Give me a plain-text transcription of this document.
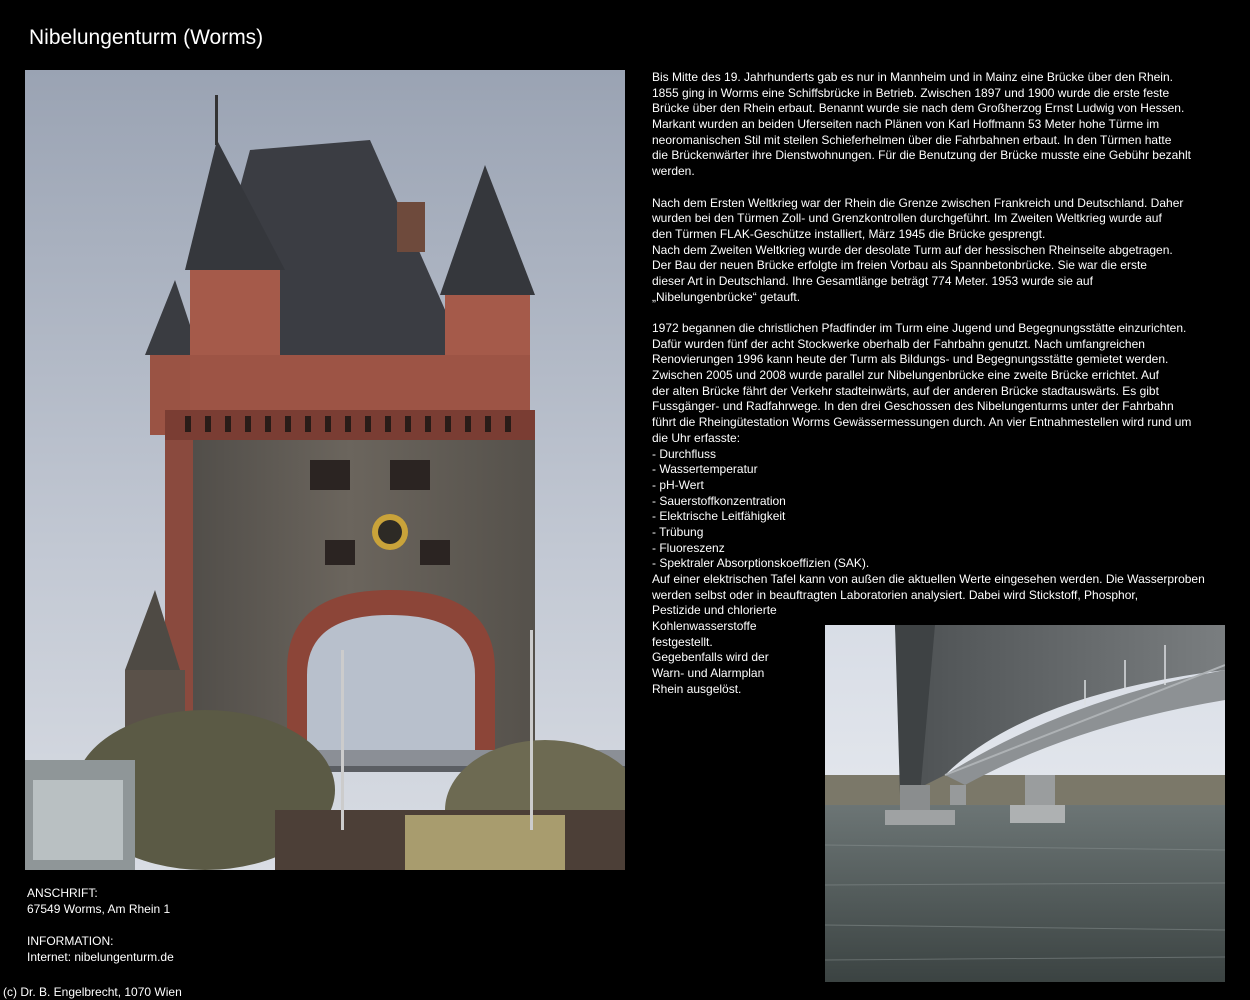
Nibelungenturm (Worms)
Bis Mitte des 19. Jahrhunderts gab es nur in Mannheim und in Mainz eine Brücke über den Rhein.
1855 ging in Worms eine Schiffsbrücke in Betrieb. Zwischen 1897 und 1900 wurde die erste feste
Brücke über den Rhein erbaut. Benannt wurde sie nach dem Großherzog Ernst Ludwig von Hessen.
Markant wurden an beiden Uferseiten nach Plänen von Karl Hoffmann 53 Meter hohe Türme im
neoromanischen Stil mit steilen Schieferhelmen über die Fahrbahnen erbaut. In den Türmen hatte
die Brückenwärter ihre Dienstwohnungen. Für die Benutzung der Brücke musste eine Gebühr bezahlt
werden.
Nach dem Ersten Weltkrieg war der Rhein die Grenze zwischen Frankreich und Deutschland. Daher
wurden bei den Türmen Zoll- und Grenzkontrollen durchgeführt. Im Zweiten Weltkrieg wurde auf
den Türmen FLAK-Geschütze installiert, März 1945 die Brücke gesprengt.
Nach dem Zweiten Weltkrieg wurde der desolate Turm auf der hessischen Rheinseite abgetragen.
Der Bau der neuen Brücke erfolgte im freien Vorbau als Spannbetonbrücke. Sie war die erste
dieser Art in Deutschland. Ihre Gesamtlänge beträgt 774 Meter. 1953 wurde sie auf
„Nibelungenbrücke“ getauft.
1972 begannen die christlichen Pfadfinder im Turm eine Jugend und Begegnungsstätte einzurichten.
Dafür wurden fünf der acht Stockwerke oberhalb der Fahrbahn genutzt. Nach umfangreichen
Renovierungen 1996 kann heute der Turm als Bildungs- und Begegnungsstätte gemietet werden.
Zwischen 2005 und 2008 wurde parallel zur Nibelungenbrücke eine zweite Brücke errichtet. Auf
der alten Brücke fährt der Verkehr stadteinwärts, auf der anderen Brücke stadtauswärts. Es gibt
Fussgänger- und Radfahrwege. In den drei Geschossen des Nibelungenturms unter der Fahrbahn
führt die Rheingütestation Worms Gewässermessungen durch. An vier Entnahmestellen wird rund um
die Uhr erfasste:
- Durchfluss
- Wassertemperatur
- pH-Wert
- Sauerstoffkonzentration
- Elektrische Leitfähigkeit
- Trübung
- Fluoreszenz
- Spektraler Absorptionskoeffizien (SAK).
Auf einer elektrischen Tafel kann von außen die aktuellen Werte eingesehen werden. Die Wasserproben
werden selbst oder in beauftragten Laboratorien analysiert. Dabei wird Stickstoff, Phosphor,
Pestizide und chlorierte
Kohlenwasserstoffe
festgestellt.
Gegebenfalls wird der
Warn- und Alarmplan
Rhein ausgelöst.
ANSCHRIFT:
67549 Worms, Am Rhein 1
INFORMATION:
Internet: nibelungenturm.de
(c) Dr. B. Engelbrecht, 1070 Wien
